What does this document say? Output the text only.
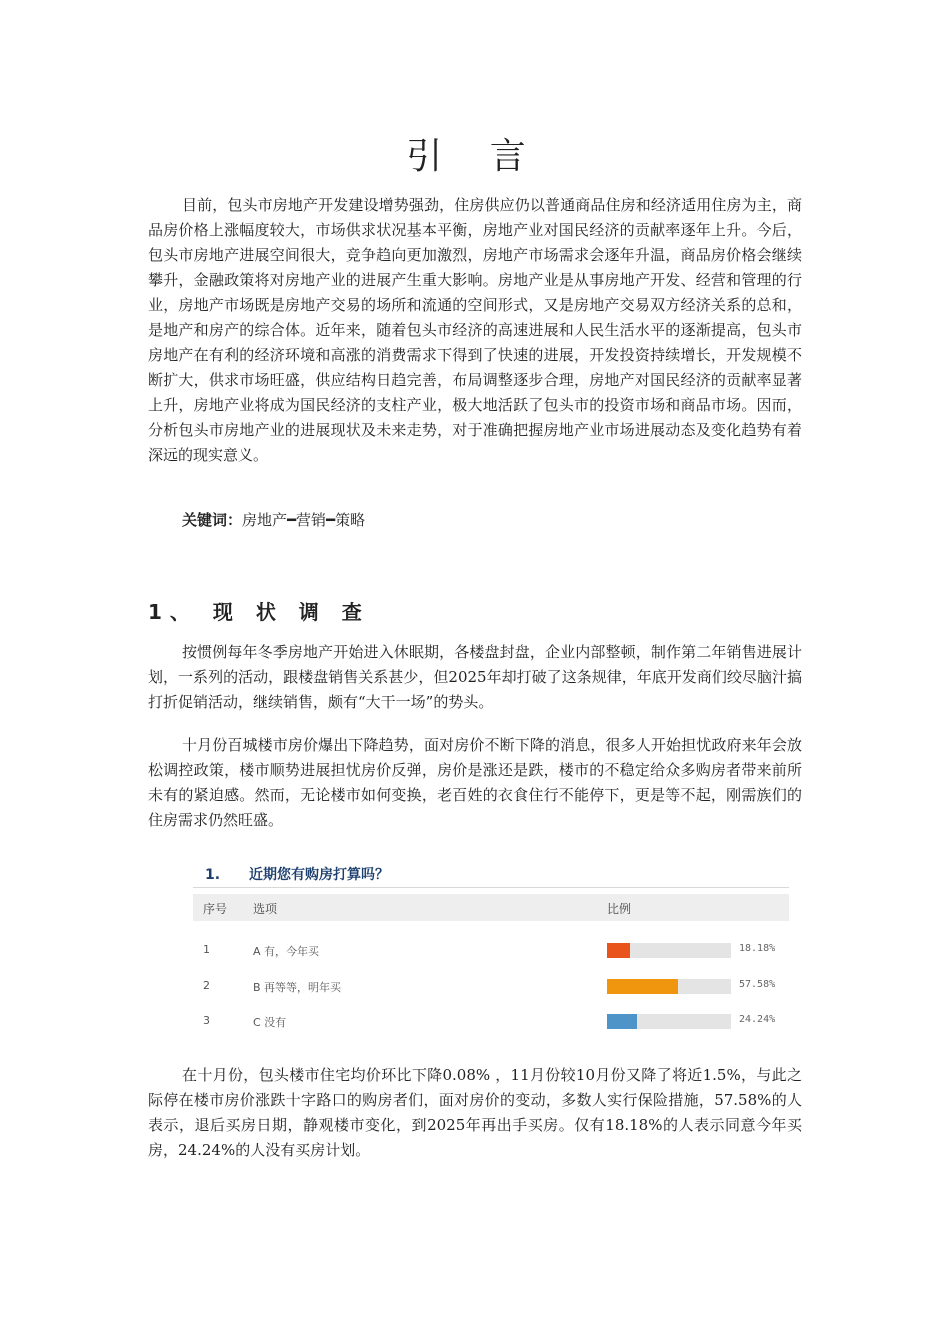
引 言

目前，包头市房地产开发建设增势强劲，住房供应仍以普通商品住房和经济适用住房为主，商品房价格上涨幅度较大，市场供求状况基本平衡，房地产业对国民经济的贡献率逐年上升。今后，包头市房地产进展空间很大，竞争趋向更加激烈，房地产市场需求会逐年升温，商品房价格会继续攀升，金融政策将对房地产业的进展产生重大影响。房地产业是从事房地产开发、经营和管理的行业，房地产市场既是房地产交易的场所和流通的空间形式，又是房地产交易双方经济关系的总和，是地产和房产的综合体。近年来，随着包头市经济的高速进展和人民生活水平的逐渐提高，包头市房地产在有利的经济环境和高涨的消费需求下得到了快速的进展，开发投资持续增长，开发规模不断扩大，供求市场旺盛，供应结构日趋完善，布局调整逐步合理，房地产对国民经济的贡献率显著上升，房地产业将成为国民经济的支柱产业，极大地活跃了包头市的投资市场和商品市场。因而，分析包头市房地产业的进展现状及未来走势，对于准确把握房地产业市场进展动态及变化趋势有着深远的现实意义。

关键词：房地产━营销━策略
1、 现 状 调 查

按惯例每年冬季房地产开始进入休眠期，各楼盘封盘，企业内部整顿，制作第二年销售进展计划，一系列的活动，跟楼盘销售关系甚少，但2025年却打破了这条规律，年底开发商们绞尽脑汁搞打折促销活动，继续销售，颇有“大干一场”的势头。

十月份百城楼市房价爆出下降趋势，面对房价不断下降的消息，很多人开始担忧政府来年会放松调控政策，楼市顺势进展担忧房价反弹，房价是涨还是跌，楼市的不稳定给众多购房者带来前所未有的紧迫感。然而，无论楼市如何变换，老百姓的衣食住行不能停下，更是等不起，刚需族们的住房需求仍然旺盛。

1. 近期您有购房打算吗？
序号 选项	比例
1	A 有，今年买	18.18%
2	B 再等等，明年买	57.58%
3	C 没有	24.24%

在十月份，包头楼市住宅均价环比下降0.08% ，11月份较10月份又降了将近1.5%，与此之际停在楼市房价涨跌十字路口的购房者们，面对房价的变动，多数人实行保险措施，57.58%的人表示，退后买房日期，静观楼市变化，到2025年再出手买房。仅有18.18%的人表示同意今年买房，24.24%的人没有买房计划。
